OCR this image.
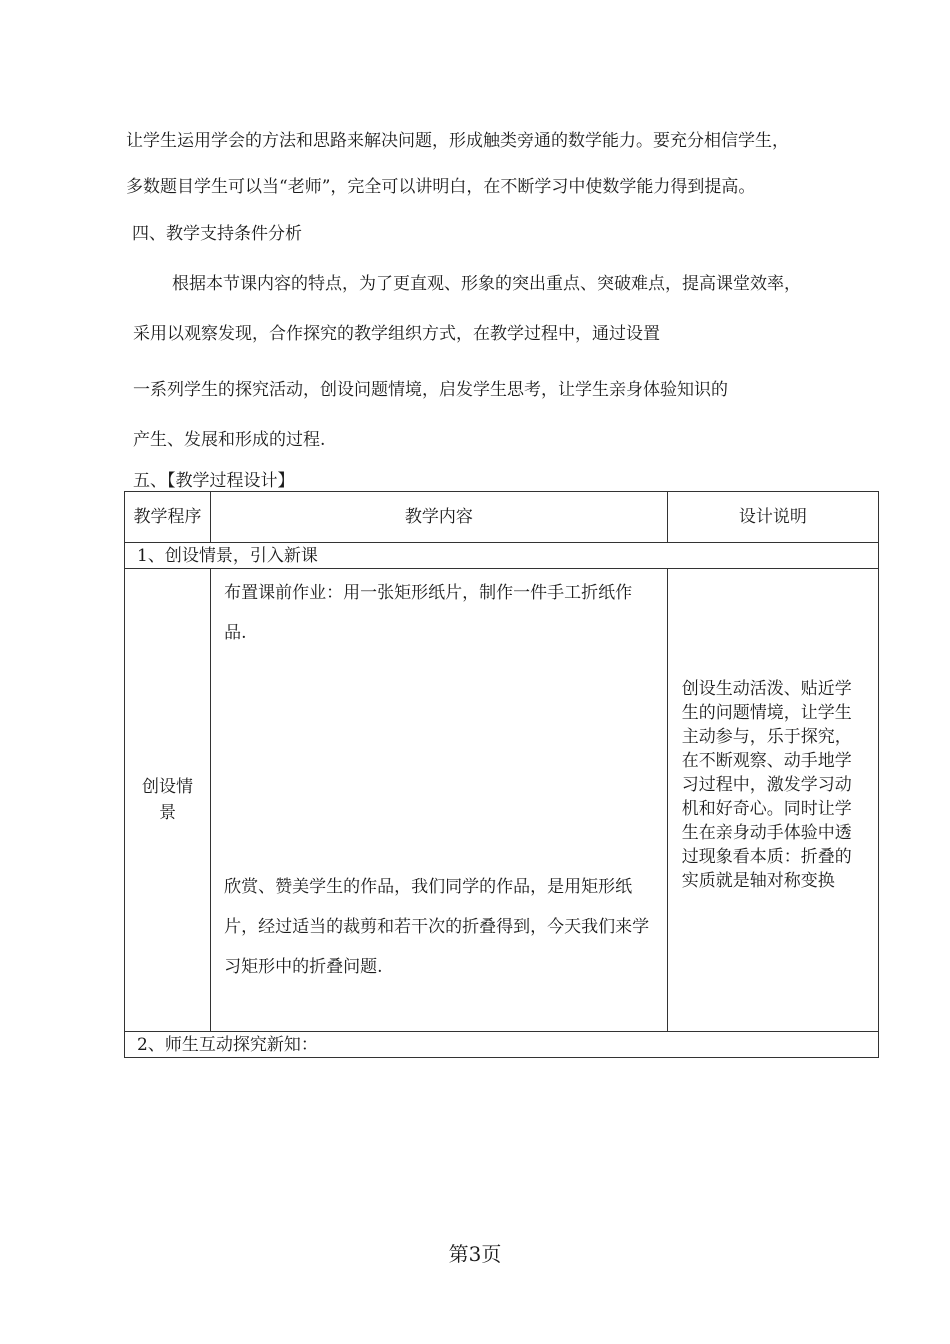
让学生运用学会的方法和思路来解决问题，形成触类旁通的数学能力。要充分相信学生，
多数题目学生可以当“老师”，完全可以讲明白，在不断学习中使数学能力得到提高。
四、教学支持条件分析
根据本节课内容的特点，为了更直观、形象的突出重点、突破难点，提高课堂效率，
采用以观察发现，合作探究的教学组织方式，在教学过程中，通过设置
一系列学生的探究活动，创设问题情境，启发学生思考，让学生亲身体验知识的
产生、发展和形成的过程.
五、【教学过程设计】
教学程序	教学内容	设计说明
1、创设情景，引入新课		

创设情景	布置课前作业：用一张矩形纸片，制作一件手工折纸作品.
欣赏、赞美学生的作品，我们同学的作品，是用矩形纸片，经过适当的裁剪和若干次的折叠得到，今天我们来学习矩形中的折叠问题.	创设生动活泼、贴近学生的问题情境，让学生主动参与，乐于探究，在不断观察、动手地学习过程中，激发学习动机和好奇心。同时让学生在亲身动手体验中透过现象看本质：折叠的实质就是轴对称变换

2、师生互动探究新知：		
第3页
